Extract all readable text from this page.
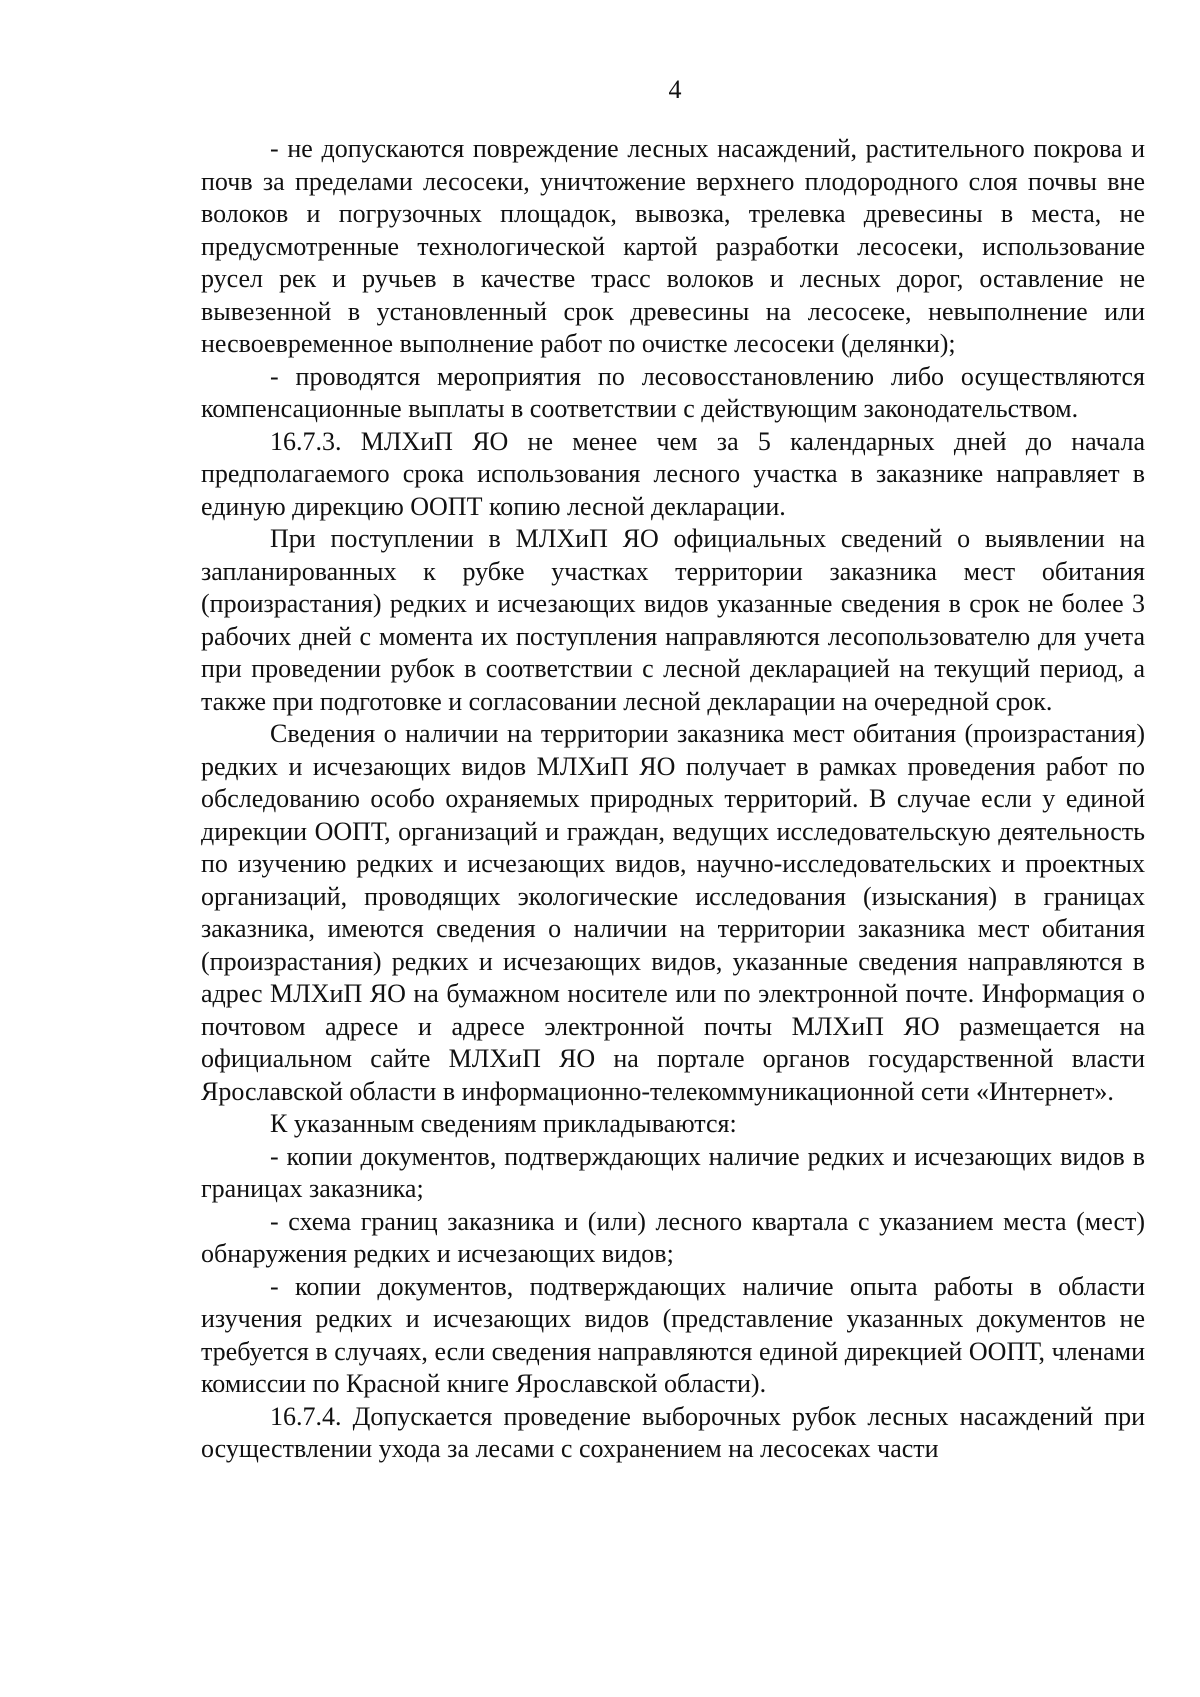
4

- не допускаются повреждение лесных насаждений, растительного покрова и почв за пределами лесосеки, уничтожение верхнего плодородного слоя почвы вне волоков и погрузочных площадок, вывозка, трелевка древесины в места, не предусмотренные технологической картой разработки лесосеки, использование русел рек и ручьев в качестве трасс волоков и лесных дорог, оставление не вывезенной в установленный срок древесины на лесосеке, невыполнение или несвоевременное выполнение работ по очистке лесосеки (делянки);

- проводятся мероприятия по лесовосстановлению либо осуществляются компенсационные выплаты в соответствии с действующим законодательством.

16.7.3. МЛХиП ЯО не менее чем за 5 календарных дней до начала предполагаемого срока использования лесного участка в заказнике направляет в единую дирекцию ООПТ копию лесной декларации.

При поступлении в МЛХиП ЯО официальных сведений о выявлении на запланированных к рубке участках территории заказника мест обитания (произрастания) редких и исчезающих видов указанные сведения в срок не более 3 рабочих дней с момента их поступления направляются лесопользователю для учета при проведении рубок в соответствии с лесной декларацией на текущий период, а также при подготовке и согласовании лесной декларации на очередной срок.

Сведения о наличии на территории заказника мест обитания (произрастания) редких и исчезающих видов МЛХиП ЯО получает в рамках проведения работ по обследованию особо охраняемых природных территорий. В случае если у единой дирекции ООПТ, организаций и граждан, ведущих исследовательскую деятельность по изучению редких и исчезающих видов, научно-исследовательских и проектных организаций, проводящих экологические исследования (изыскания) в границах заказника, имеются сведения о наличии на территории заказника мест обитания (произрастания) редких и исчезающих видов, указанные сведения направляются в адрес МЛХиП ЯО на бумажном носителе или по электронной почте. Информация о почтовом адресе и адресе электронной почты МЛХиП ЯО размещается на официальном сайте МЛХиП ЯО на портале органов государственной власти Ярославской области в информационно-телекоммуникационной сети «Интернет».

К указанным сведениям прикладываются:

- копии документов, подтверждающих наличие редких и исчезающих видов в границах заказника;

- схема границ заказника и (или) лесного квартала с указанием места (мест) обнаружения редких и исчезающих видов;

- копии документов, подтверждающих наличие опыта работы в области изучения редких и исчезающих видов (представление указанных документов не требуется в случаях, если сведения направляются единой дирекцией ООПТ, членами комиссии по Красной книге Ярославской области).

16.7.4. Допускается проведение выборочных рубок лесных насаждений при осуществлении ухода за лесами с сохранением на лесосеках части
